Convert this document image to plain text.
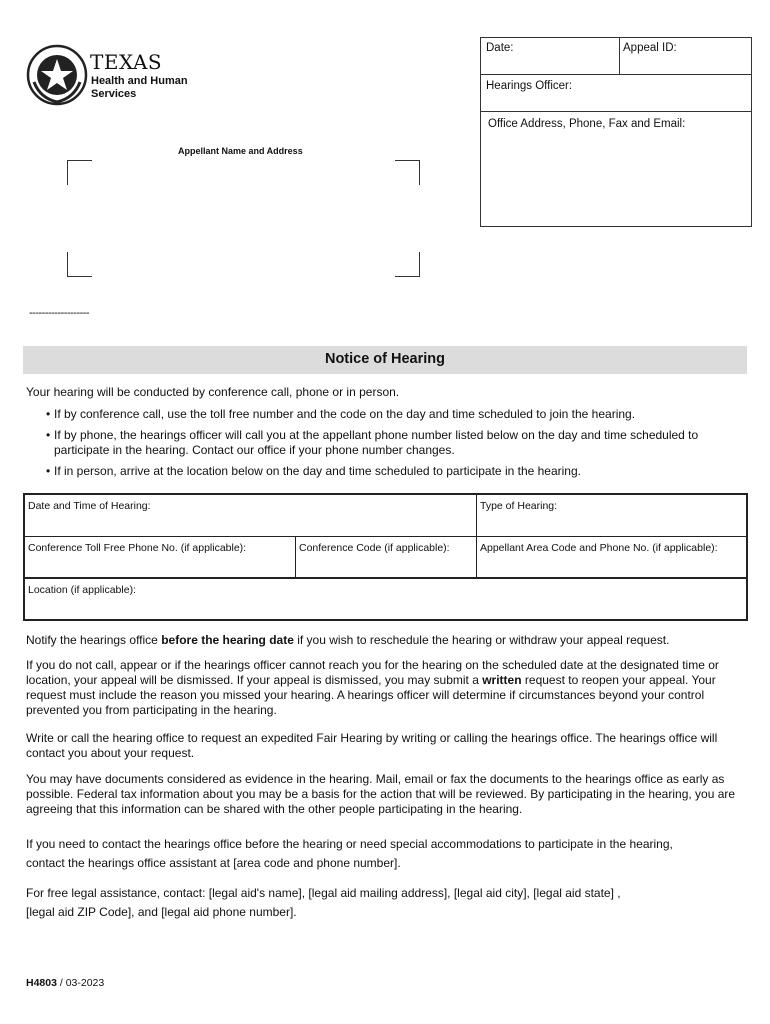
TEXAS
Health and Human
Services
Date:	Appeal ID:
Hearings Officer:
Office Address, Phone, Fax and Email:
Appellant Name and Address
-------------------
Notice of Hearing
Your hearing will be conducted by conference call, phone or in person.
• If by conference call, use the toll free number and the code on the day and time scheduled to join the hearing.
• If by phone, the hearings officer will call you at the appellant phone number listed below on the day and time scheduled to participate in the hearing. Contact our office if your phone number changes.
• If in person, arrive at the location below on the day and time scheduled to participate in the hearing.
Date and Time of Hearing:	Type of Hearing:
Conference Toll Free Phone No. (if applicable):	Conference Code (if applicable):	Appellant Area Code and Phone No. (if applicable):
Location (if applicable):
Notify the hearings office before the hearing date if you wish to reschedule the hearing or withdraw your appeal request.
If you do not call, appear or if the hearings officer cannot reach you for the hearing on the scheduled date at the designated time or location, your appeal will be dismissed. If your appeal is dismissed, you may submit a written request to reopen your appeal. Your request must include the reason you missed your hearing. A hearings officer will determine if circumstances beyond your control prevented you from participating in the hearing.
Write or call the hearing office to request an expedited Fair Hearing by writing or calling the hearings office. The hearings office will contact you about your request.
You may have documents considered as evidence in the hearing. Mail, email or fax the documents to the hearings office as early as possible. Federal tax information about you may be a basis for the action that will be reviewed. By participating in the hearing, you are agreeing that this information can be shared with the other people participating in the hearing.
If you need to contact the hearings office before the hearing or need special accommodations to participate in the hearing,
contact the hearings office assistant at [area code and phone number].
For free legal assistance, contact: [legal aid's name], [legal aid mailing address], [legal aid city], [legal aid state] ,
[legal aid ZIP Code], and [legal aid phone number].
H4803 / 03-2023
